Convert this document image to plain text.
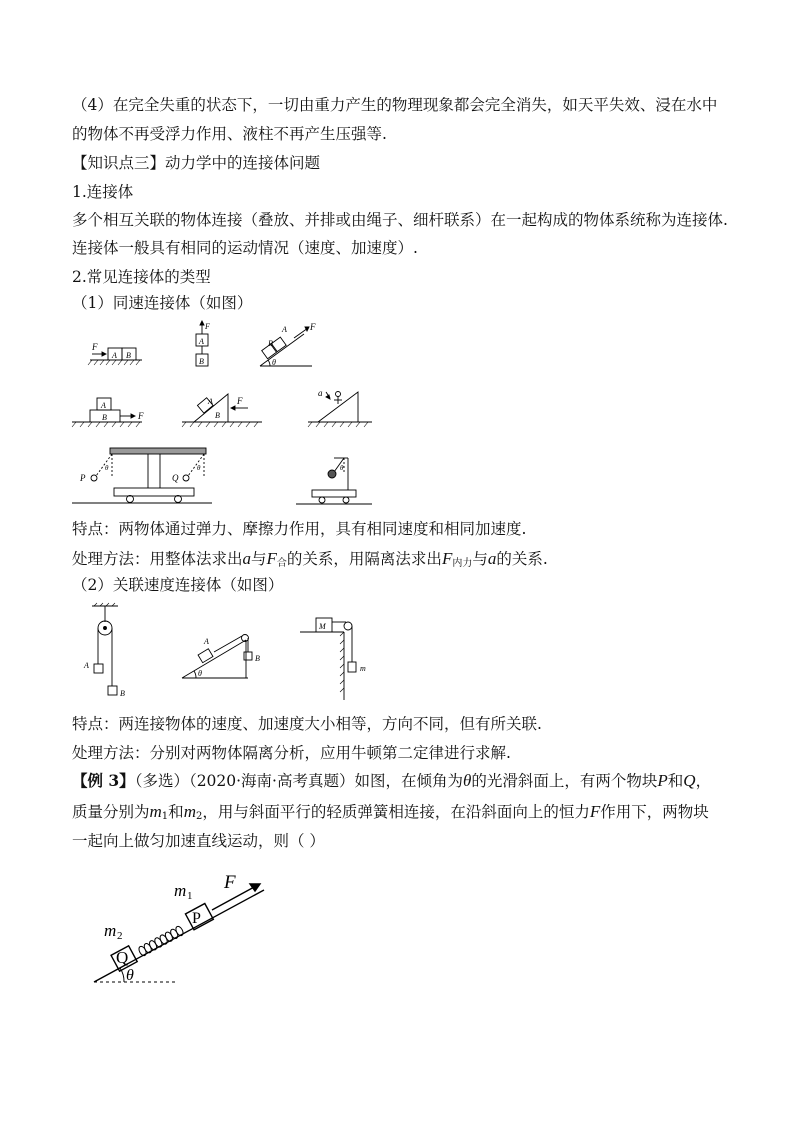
（4）在完全失重的状态下，一切由重力产生的物理现象都会完全消失，如天平失效、浸在水中
的物体不再受浮力作用、液柱不再产生压强等.
【知识点三】动力学中的连接体问题
1.连接体
多个相互关联的物体连接（叠放、并排或由绳子、细杆联系）在一起构成的物体系统称为连接体.
连接体一般具有相同的运动情况（速度、加速度）.
2.常见连接体的类型
（1）同速连接体（如图）
F
A B
F
A
B
A
B
F
θ
A
B	F
A
B
F
a
P	Q
θ	θ	θ
特点：两物体通过弹力、摩擦力作用，具有相同速度和相同加速度.
处理方法：用整体法求出a与$F_合$的关系，用隔离法求出$F_{内力}$与a的关系.
（2）关联速度连接体（如图）
A
B
A
B
θ
M
m
特点：两连接物体的速度、加速度大小相等，方向不同，但有所关联.
处理方法：分别对两物体隔离分析，应用牛顿第二定律进行求解.
【例 3】（多选）（2020·海南·高考真题）如图，在倾角为θ的光滑斜面上，有两个物块P和Q，
质量分别为$m_1$和$m_2$，用与斜面平行的轻质弹簧相连接，在沿斜面向上的恒力F作用下，两物块
一起向上做匀加速直线运动，则（ ）
Q
P
m 1
m 2
F
θ
